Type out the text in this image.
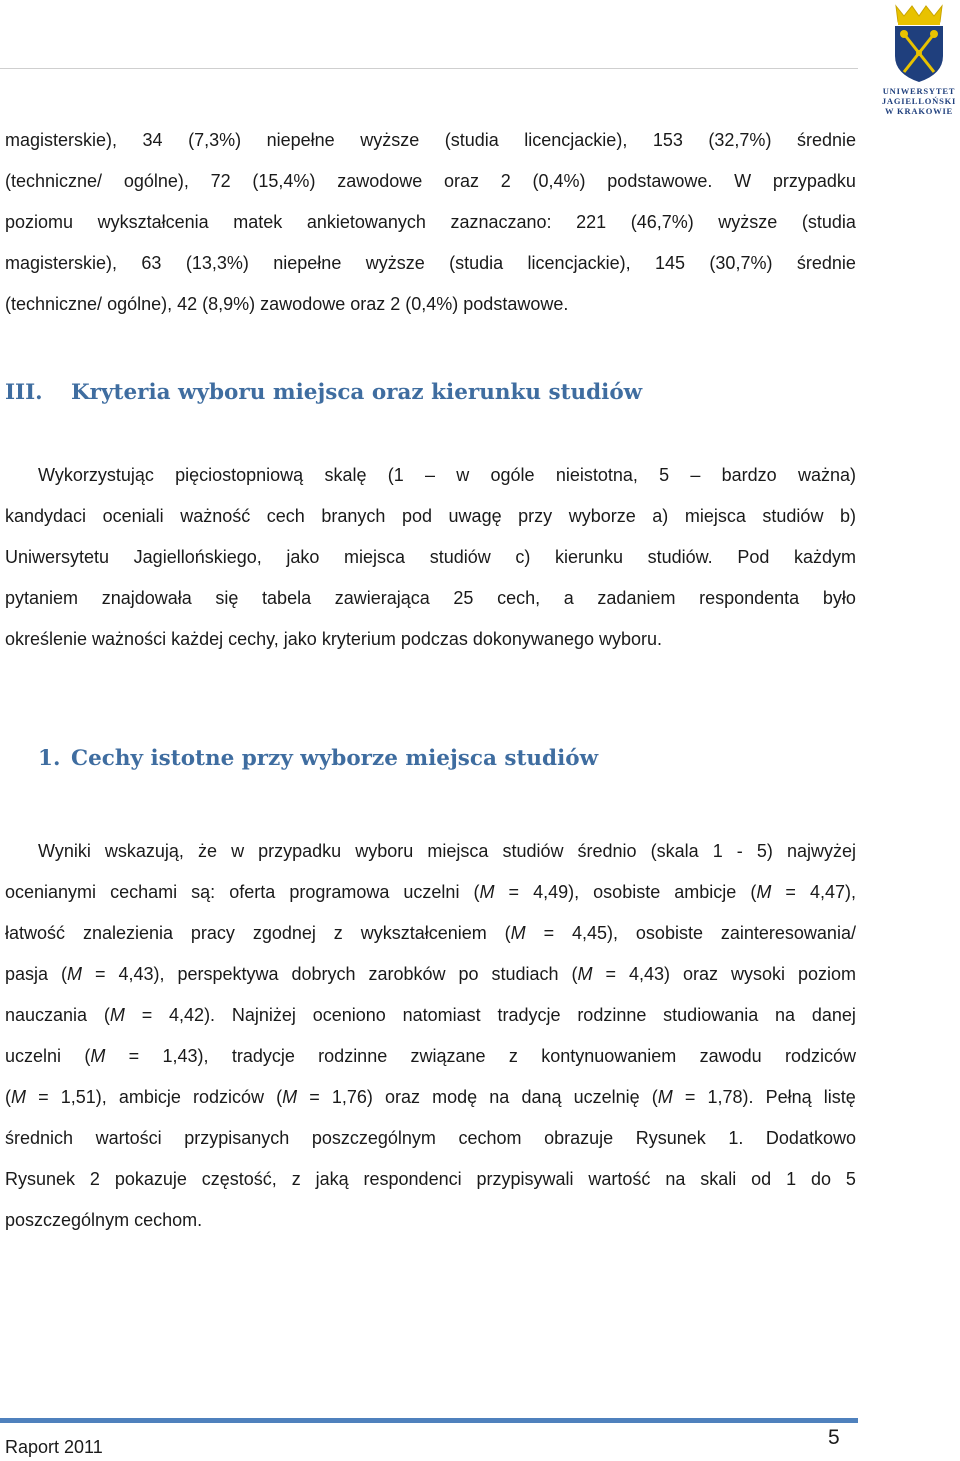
UNIWERSYTET
JAGIELLOŃSKI
W KRAKOWIE
magisterskie), 34 (7,3%) niepełne wyższe (studia licencjackie), 153 (32,7%) średnie
(techniczne/ ogólne), 72 (15,4%) zawodowe oraz 2 (0,4%) podstawowe. W przypadku
poziomu wykształcenia matek ankietowanych zaznaczano: 221 (46,7%) wyższe (studia
magisterskie), 63 (13,3%) niepełne wyższe (studia licencjackie), 145 (30,7%) średnie
(techniczne/ ogólne), 42 (8,9%) zawodowe oraz 2 (0,4%) podstawowe.
III. Kryteria wyboru miejsca oraz kierunku studiów
Wykorzystując pięciostopniową skalę (1 – w ogóle nieistotna, 5 – bardzo ważna)
kandydaci oceniali ważność cech branych pod uwagę przy wyborze a) miejsca studiów b)
Uniwersytetu Jagiellońskiego, jako miejsca studiów c) kierunku studiów. Pod każdym
pytaniem znajdowała się tabela zawierająca 25 cech, a zadaniem respondenta było
określenie ważności każdej cechy, jako kryterium podczas dokonywanego wyboru.
1. Cechy istotne przy wyborze miejsca studiów
Wyniki wskazują, że w przypadku wyboru miejsca studiów średnio (skala 1 - 5) najwyżej
ocenianymi cechami są: oferta programowa uczelni (M = 4,49), osobiste ambicje (M = 4,47),
łatwość znalezienia pracy zgodnej z wykształceniem (M = 4,45), osobiste zainteresowania/
pasja (M = 4,43), perspektywa dobrych zarobków po studiach (M = 4,43) oraz wysoki poziom
nauczania (M = 4,42). Najniżej oceniono natomiast tradycje rodzinne studiowania na danej
uczelni (M = 1,43), tradycje rodzinne związane z kontynuowaniem zawodu rodziców
(M = 1,51), ambicje rodziców (M = 1,76) oraz modę na daną uczelnię (M = 1,78). Pełną listę
średnich wartości przypisanych poszczególnym cechom obrazuje Rysunek 1. Dodatkowo
Rysunek 2 pokazuje częstość, z jaką respondenci przypisywali wartość na skali od 1 do 5
poszczególnym cechom.
Raport 2011	5
